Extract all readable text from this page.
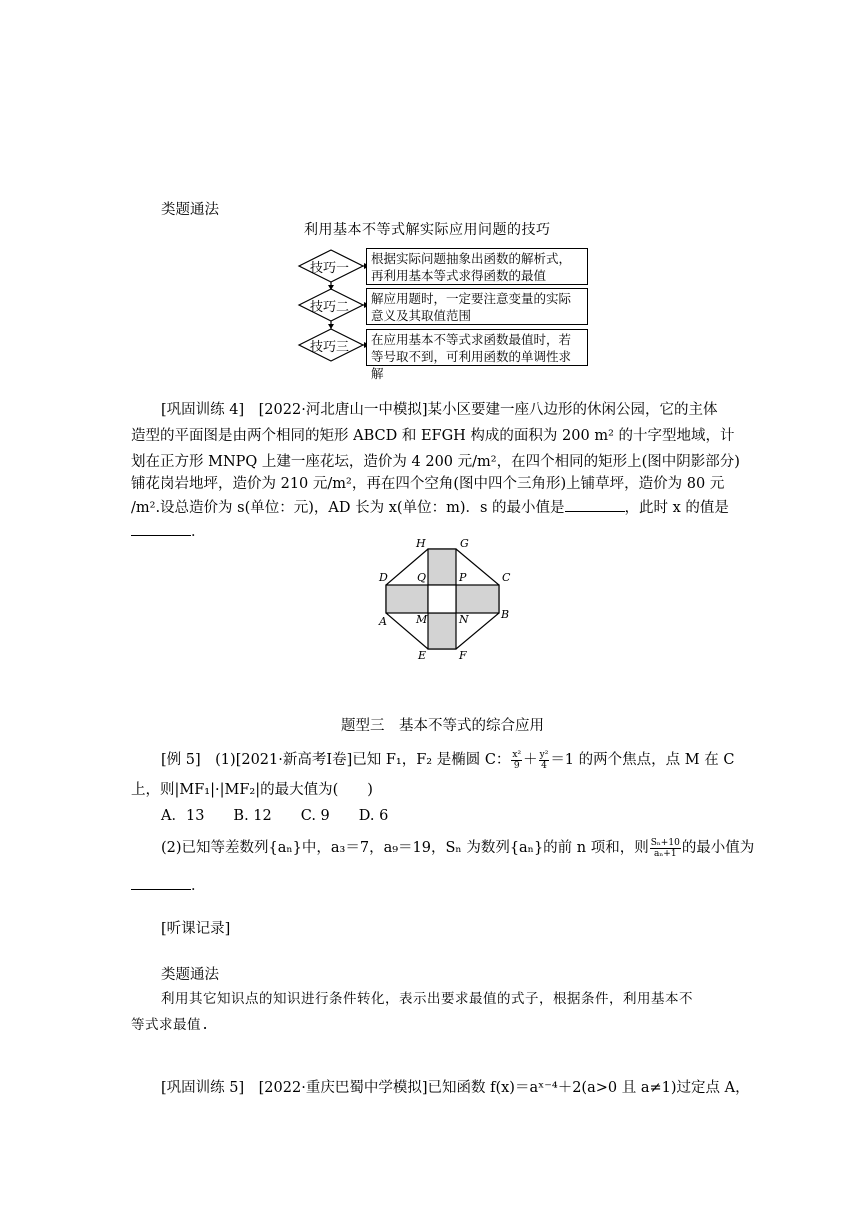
类题通法
利用基本不等式解实际应用问题的技巧
技巧一
技巧二
技巧三
根据实际问题抽象出函数的解析式，再利用基本等式求得函数的最值
解应用题时，一定要注意变量的实际意义及其取值范围
在应用基本不等式求函数最值时，若等号取不到，可利用函数的单调性求解
[巩固训练 4]　[2022·河北唐山一中模拟]某小区要建一座八边形的休闲公园，它的主体
造型的平面图是由两个相同的矩形 ABCD 和 EFGH 构成的面积为 200 m² 的十字型地域，计
划在正方形 MNPQ 上建一座花坛，造价为 4 200 元/m²，在四个相同的矩形上(图中阴影部分)
铺花岗岩地坪，造价为 210 元/m²，再在四个空角(图中四个三角形)上铺草坪，造价为 80 元
/m².设总造价为 s(单位：元)，AD 长为 x(单位：m)．s 的最小值是	，此时 x 的值是
．
H	G
D	Q	P	C
M	N	B
A
E	F
题型三　基本不等式的综合应用
[例 5]　(1)[2021·新高考Ⅰ卷]已知 F₁，F₂ 是椭圆 C： $\frac{\text{x²}}{9} + \frac{\text{y²}}{4} =1$ 的两个焦点，点 M 在 C
上，则|MF₁|·|MF₂|的最大值为(　　)
A．13　　B. 12　　C. 9　　D. 6
(2)已知等差数列{aₙ}中，a₃＝7，a₉＝19，Sₙ 为数列{aₙ}的前 n 项和，则 $\frac{\text{Sₙ+10}}{\text{aₙ+1}}$ 的最小值为
．
[听课记录]
类题通法
利用其它知识点的知识进行条件转化，表示出要求最值的式子，根据条件，利用基本不
等式求最值.
[巩固训练 5]　[2022·重庆巴蜀中学模拟]已知函数 f(x)＝aˣ⁻⁴＋2(a>0 且 a≠1)过定点 A，
